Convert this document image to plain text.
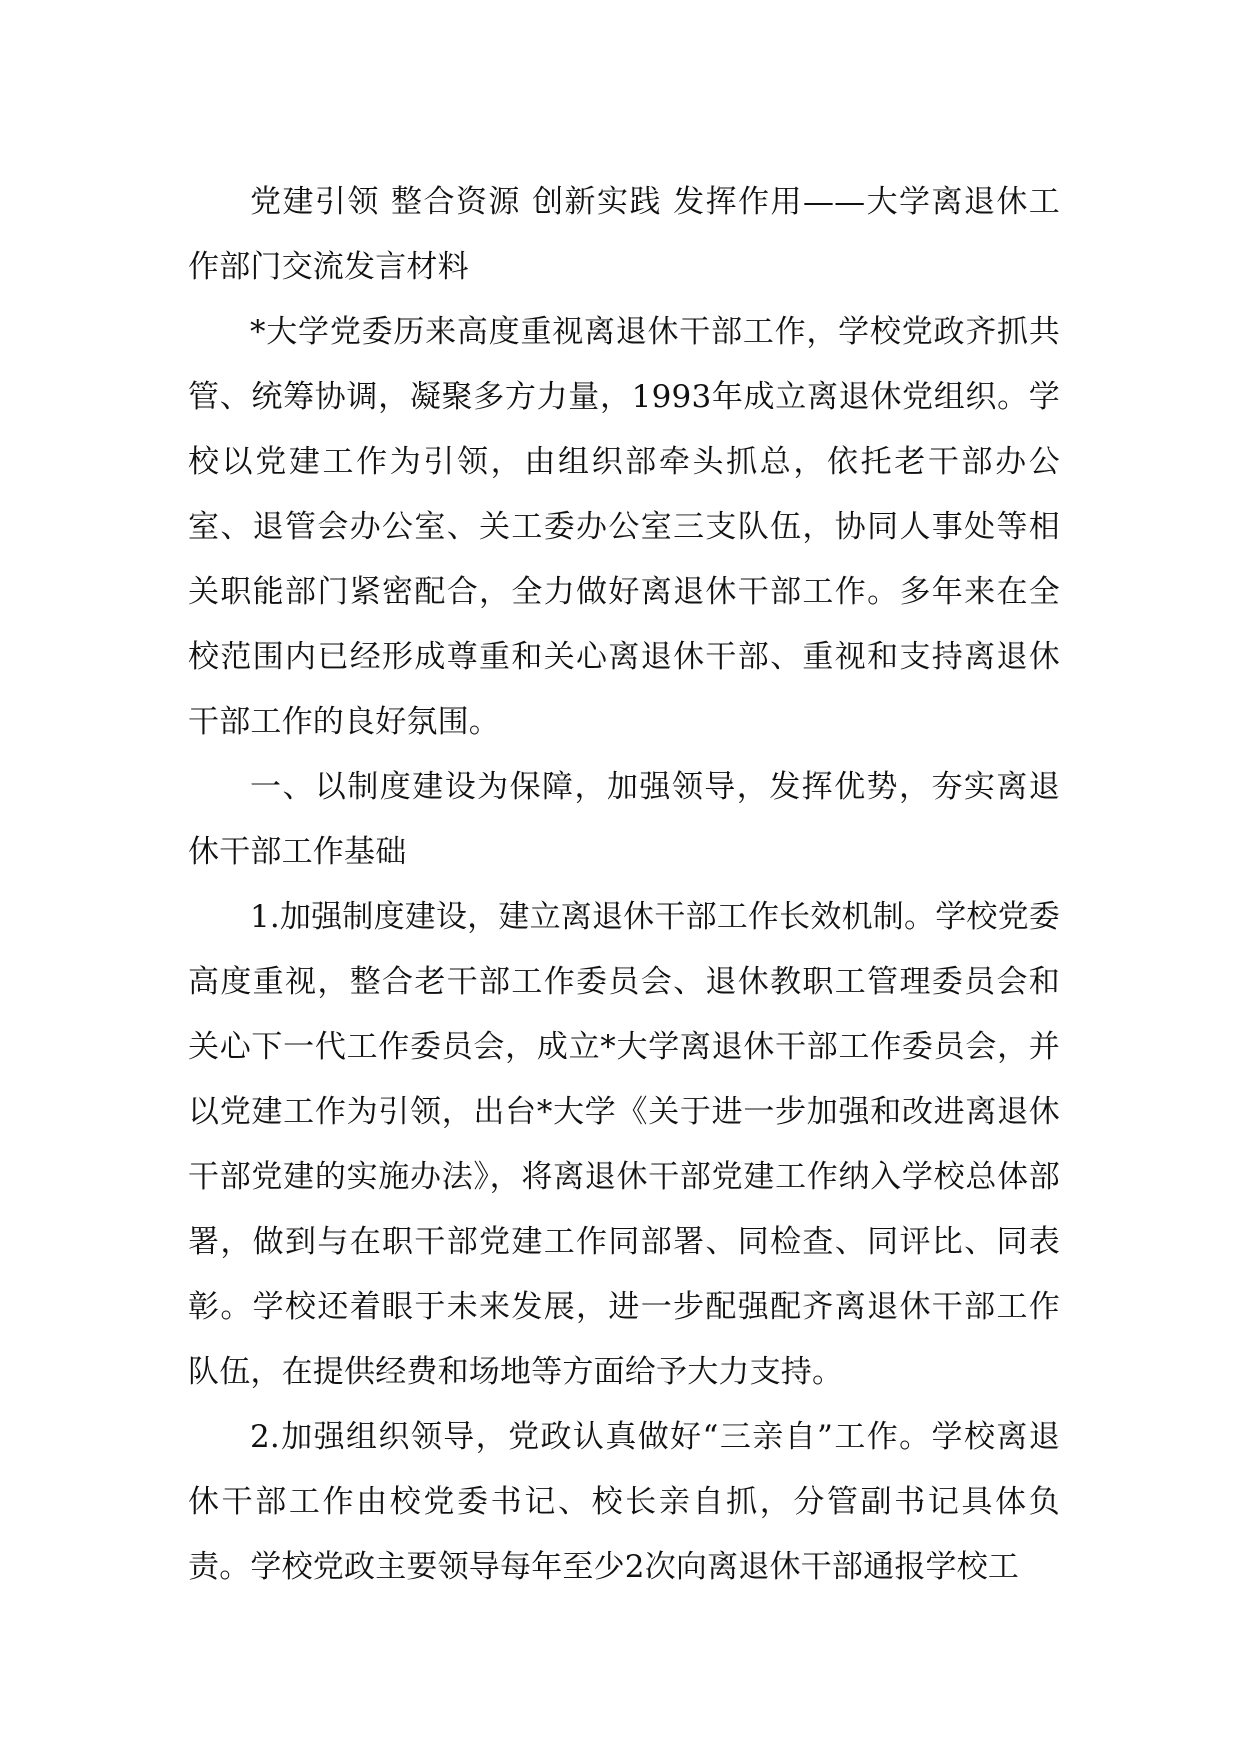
党建引领 整合资源 创新实践 发挥作用——大学离退休工作部门交流发言材料

*大学党委历来高度重视离退休干部工作，学校党政齐抓共管、统筹协调，凝聚多方力量，1993年成立离退休党组织。学校以党建工作为引领，由组织部牵头抓总，依托老干部办公室、退管会办公室、关工委办公室三支队伍，协同人事处等相关职能部门紧密配合，全力做好离退休干部工作。多年来在全校范围内已经形成尊重和关心离退休干部、重视和支持离退休干部工作的良好氛围。

一、以制度建设为保障，加强领导，发挥优势，夯实离退休干部工作基础

1.加强制度建设，建立离退休干部工作长效机制。学校党委高度重视，整合老干部工作委员会、退休教职工管理委员会和关心下一代工作委员会，成立*大学离退休干部工作委员会，并以党建工作为引领，出台*大学《关于进一步加强和改进离退休干部党建的实施办法》，将离退休干部党建工作纳入学校总体部署，做到与在职干部党建工作同部署、同检查、同评比、同表彰。学校还着眼于未来发展，进一步配强配齐离退休干部工作队伍，在提供经费和场地等方面给予大力支持。

2.加强组织领导，党政认真做好“三亲自”工作。学校离退休干部工作由校党委书记、校长亲自抓，分管副书记具体负责。学校党政主要领导每年至少2次向离退休干部通报学校工
